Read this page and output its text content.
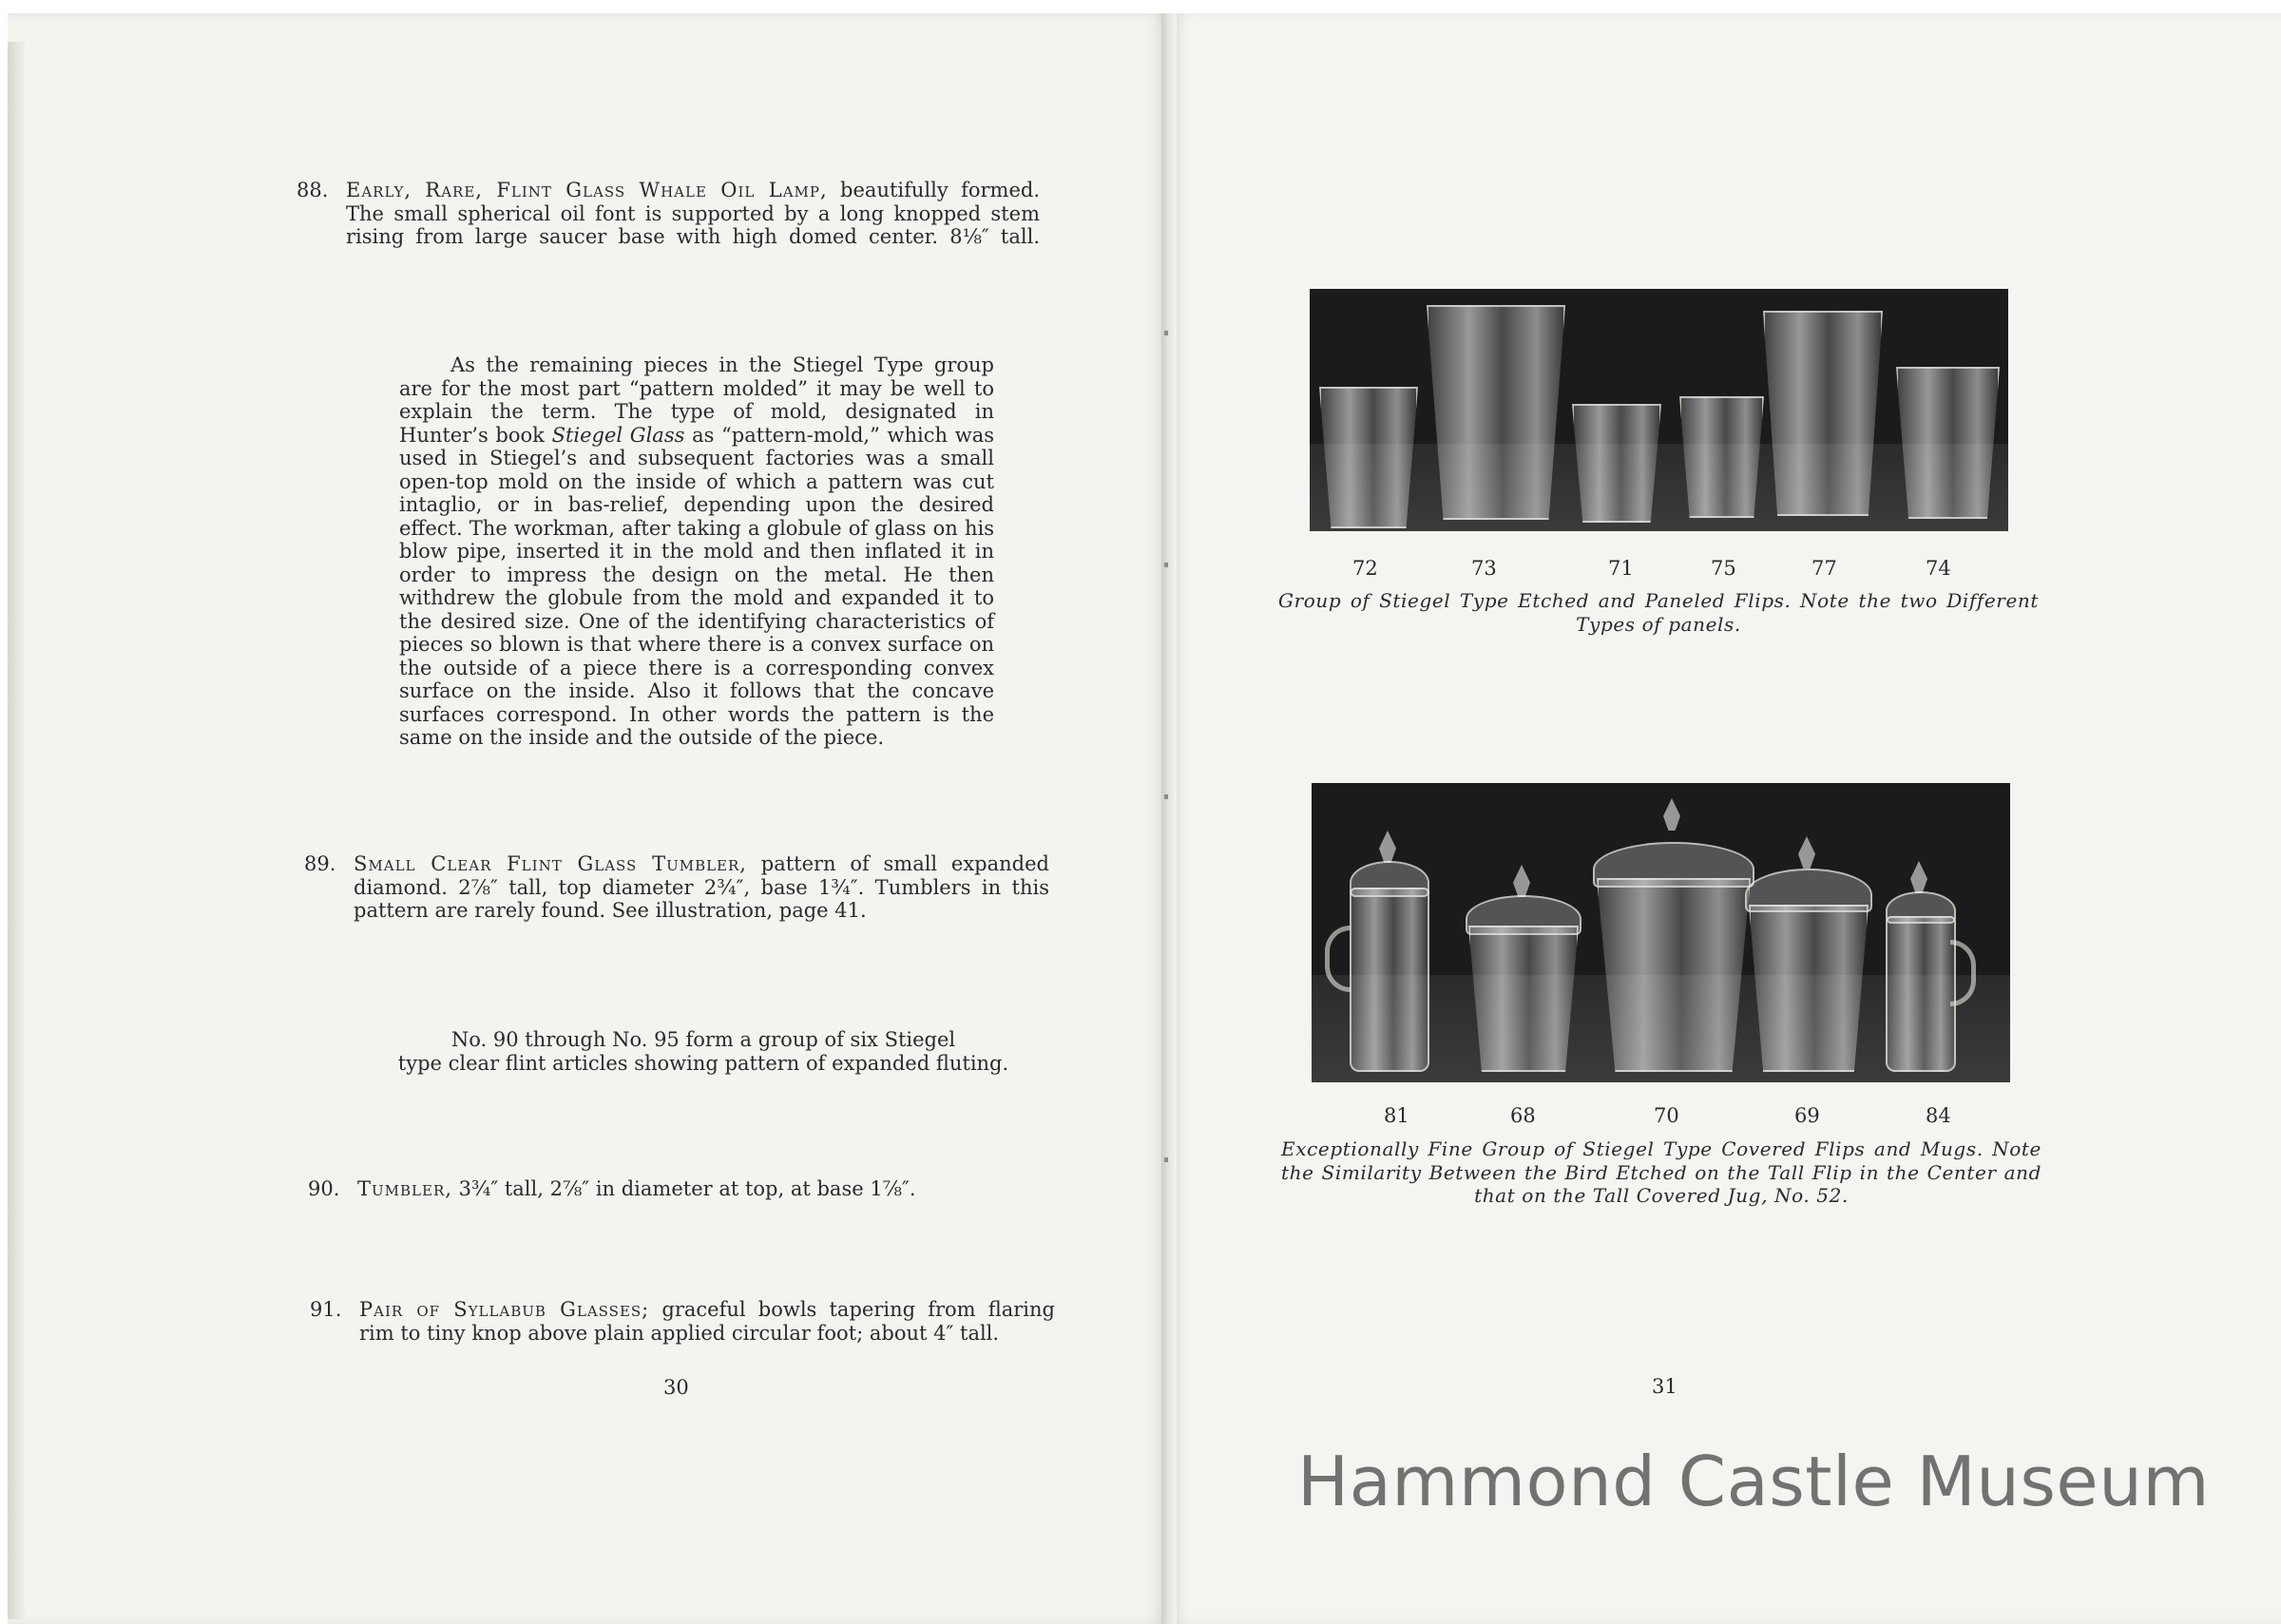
88. Early, Rare, Flint Glass Whale Oil Lamp, beautifully formed.
The small spherical oil font is supported by a long knopped stem
rising from large saucer base with high domed center. 8⅛″ tall.

As the remaining pieces in the Stiegel Type group are for the most part “pattern molded” it may be well to explain the term. The type of mold, designated in Hunter’s book Stiegel Glass as “pattern-mold,” which was used in Stiegel’s and subsequent factories was a small open-top mold on the inside of which a pattern was cut intaglio, or in bas-relief, depending upon the desired effect. The workman, after taking a globule of glass on his blow pipe, inserted it in the mold and then inflated it in order to impress the design on the metal. He then withdrew the globule from the mold and expanded it to the desired size. One of the identifying characteristics of pieces so blown is that where there is a convex surface on the outside of a piece there is a corresponding convex surface on the inside. Also it follows that the concave surfaces correspond. In other words the pattern is the same on the inside and the outside of the piece.

89. Small Clear Flint Glass Tumbler, pattern of small expanded
diamond. 2⅞″ tall, top diameter 2¾″, base 1¾″. Tumblers in this
pattern are rarely found. See illustration, page 41.
No. 90 through No. 95 form a group of six Stiegel
type clear flint articles showing pattern of expanded fluting.
90. Tumbler, 3¾″ tall, 2⅞″ in diameter at top, at base 1⅞″.
91. Pair of Syllabub Glasses; graceful bowls tapering from flaring
rim to tiny knop above plain applied circular foot; about 4″ tall.
30
72	73	71	75	77	74
Group of Stiegel Type Etched and Paneled Flips. Note the two Different Types of panels.
81	68	70	69	84
Exceptionally Fine Group of Stiegel Type Covered Flips and Mugs. Note the Similarity Between the Bird Etched on the Tall Flip in the Center and that on the Tall Covered Jug, No. 52.
31
Hammond Castle Museum
